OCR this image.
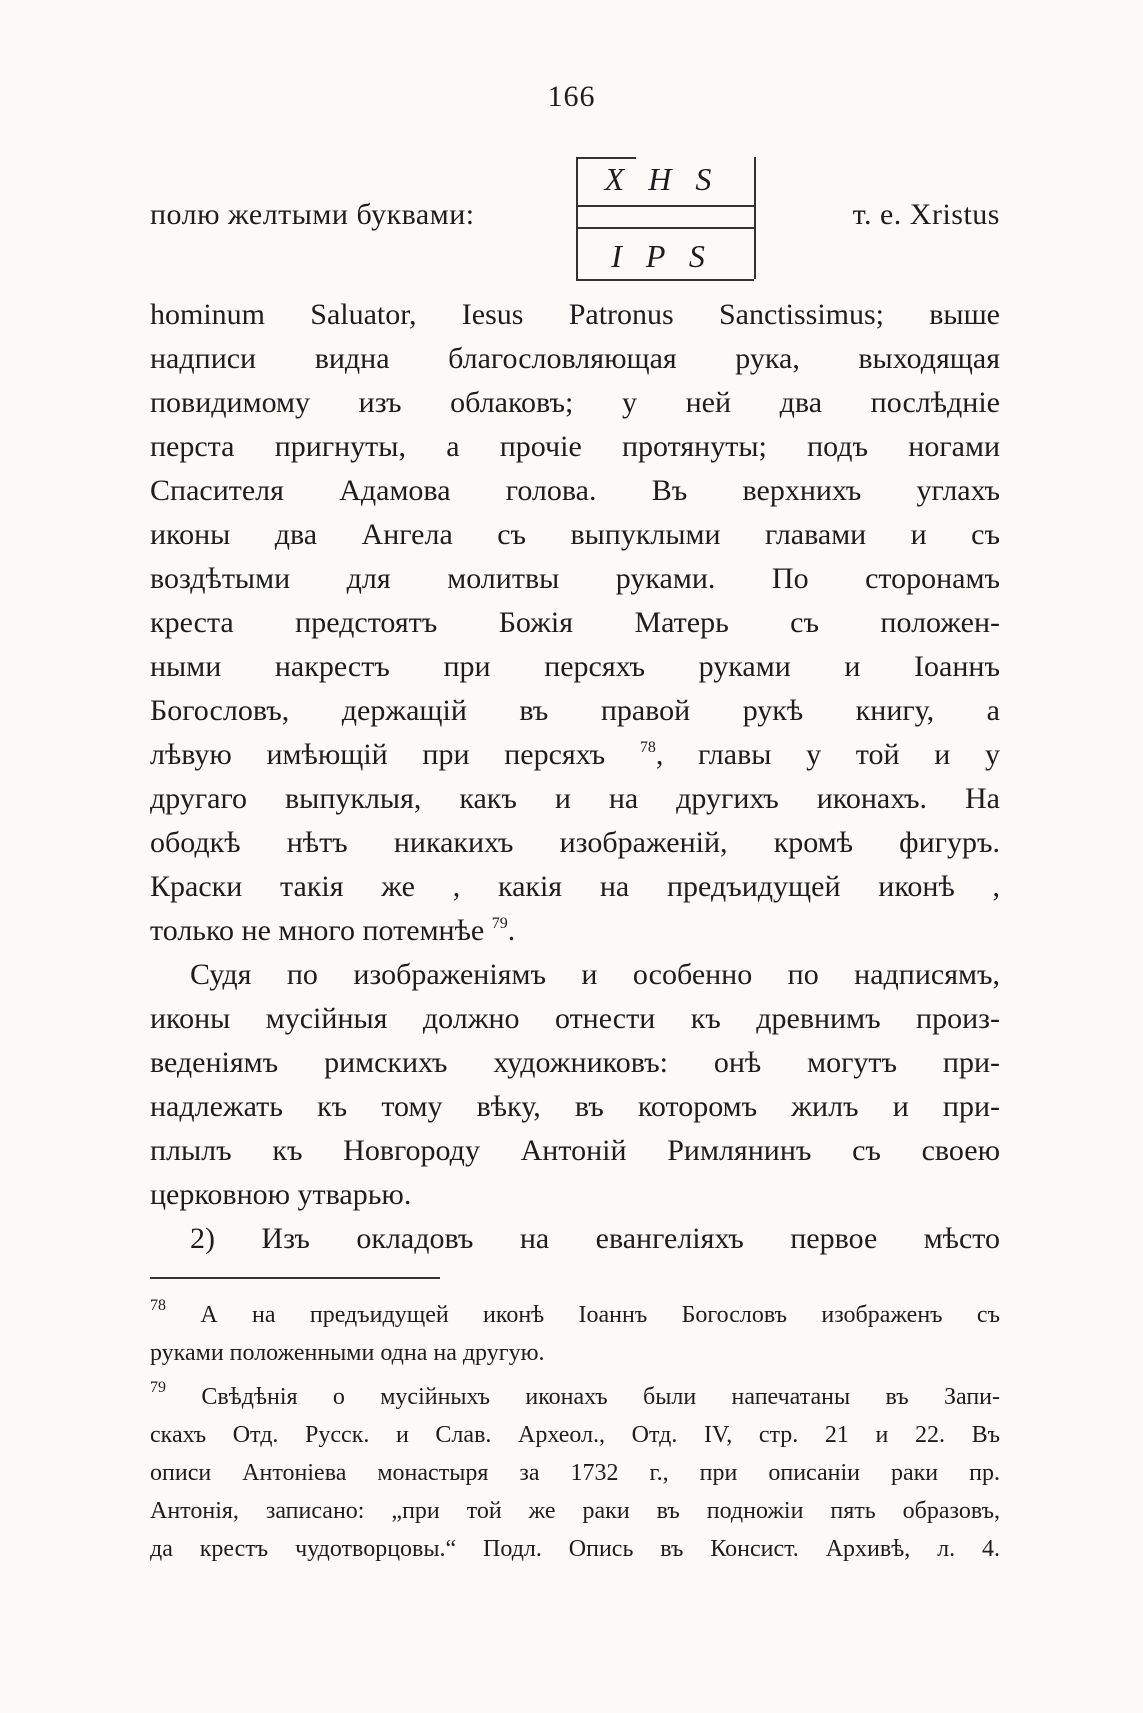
166
полю желтыми буквами:	т. е. Xristus
X H S
I P S
hominum Saluator, Iesus Patronus Sanctissimus; выше
надписи видна благословляющая рука, выходящая
повидимому изъ облаковъ; у ней два послѣдніе
перста пригнуты, а прочіе протянуты; подъ ногами
Спасителя Адамова голова. Въ верхнихъ углахъ
иконы два Ангела съ выпуклыми главами и съ
воздѣтыми для молитвы руками. По сторонамъ
креста предстоятъ Божія Матерь съ положен-
ными накрестъ при персяхъ руками и Іоаннъ
Богословъ, держащій въ правой рукѣ книгу, а
лѣвую имѣющій при персяхъ $^{78}$, главы у той и у
другаго выпуклыя, какъ и на другихъ иконахъ. На
ободкѣ нѣтъ никакихъ изображеній, кромѣ фигуръ.
Краски такія же , какія на предъидущей иконѣ ,
только не много потемнѣе $^{79}$.
Судя по изображеніямъ и особенно по надписямъ,
иконы мусійныя должно отнести къ древнимъ произ-
веденіямъ римскихъ художниковъ: онѣ могутъ при-
надлежать къ тому вѣку, въ которомъ жилъ и при-
плылъ къ Новгороду Антоній Римлянинъ съ своею
церковною утварью.
2) Изъ окладовъ на евангеліяхъ первое мѣсто
$^{78}$ А на предъидущей иконѣ Іоаннъ Богословъ изображенъ съ
руками положенными одна на другую.
$^{79}$ Свѣдѣнія о мусійныхъ иконахъ были напечатаны въ Запи-
скахъ Отд. Русск. и Слав. Археол., Отд. IV, стр. 21 и 22. Въ
описи Антоніева монастыря за 1732 г., при описаніи раки пр.
Антонія, записано: „при той же раки въ подножіи пять образовъ,
да крестъ чудотворцовы.“ Подл. Опись въ Консист. Архивѣ, л. 4.
